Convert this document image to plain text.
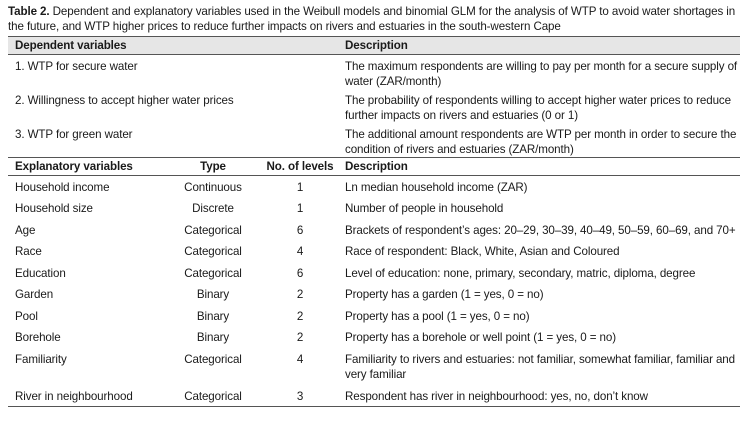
Table 2. Dependent and explanatory variables used in the Weibull models and binomial GLM for the analysis of WTP to avoid water shortages in the future, and WTP higher prices to reduce further impacts on rivers and estuaries in the south-western Cape
Dependent variables			Description
1. WTP for secure water			The maximum respondents are willing to pay per month for a secure supply of water (ZAR/month)
2. Willingness to accept higher water prices			The probability of respondents willing to accept higher water prices to reduce further impacts on rivers and estuaries (0 or 1)
3. WTP for green water			The additional amount respondents are WTP per month in order to secure the condition of rivers and estuaries (ZAR/month)
Explanatory variables	Type	No. of levels	Description
Household income	Continuous	1	Ln median household income (ZAR)
Household size	Discrete	1	Number of people in household
Age	Categorical	6	Brackets of respondent’s ages: 20–29, 30–39, 40–49, 50–59, 60–69, and 70+
Race	Categorical	4	Race of respondent: Black, White, Asian and Coloured
Education	Categorical	6	Level of education: none, primary, secondary, matric, diploma, degree
Garden	Binary	2	Property has a garden (1 = yes, 0 = no)
Pool	Binary	2	Property has a pool (1 = yes, 0 = no)
Borehole	Binary	2	Property has a borehole or well point (1 = yes, 0 = no)
Familiarity	Categorical	4	Familiarity to rivers and estuaries: not familiar, somewhat familiar, familiar and very familiar
River in neighbourhood	Categorical	3	Respondent has river in neighbourhood: yes, no, don’t know
